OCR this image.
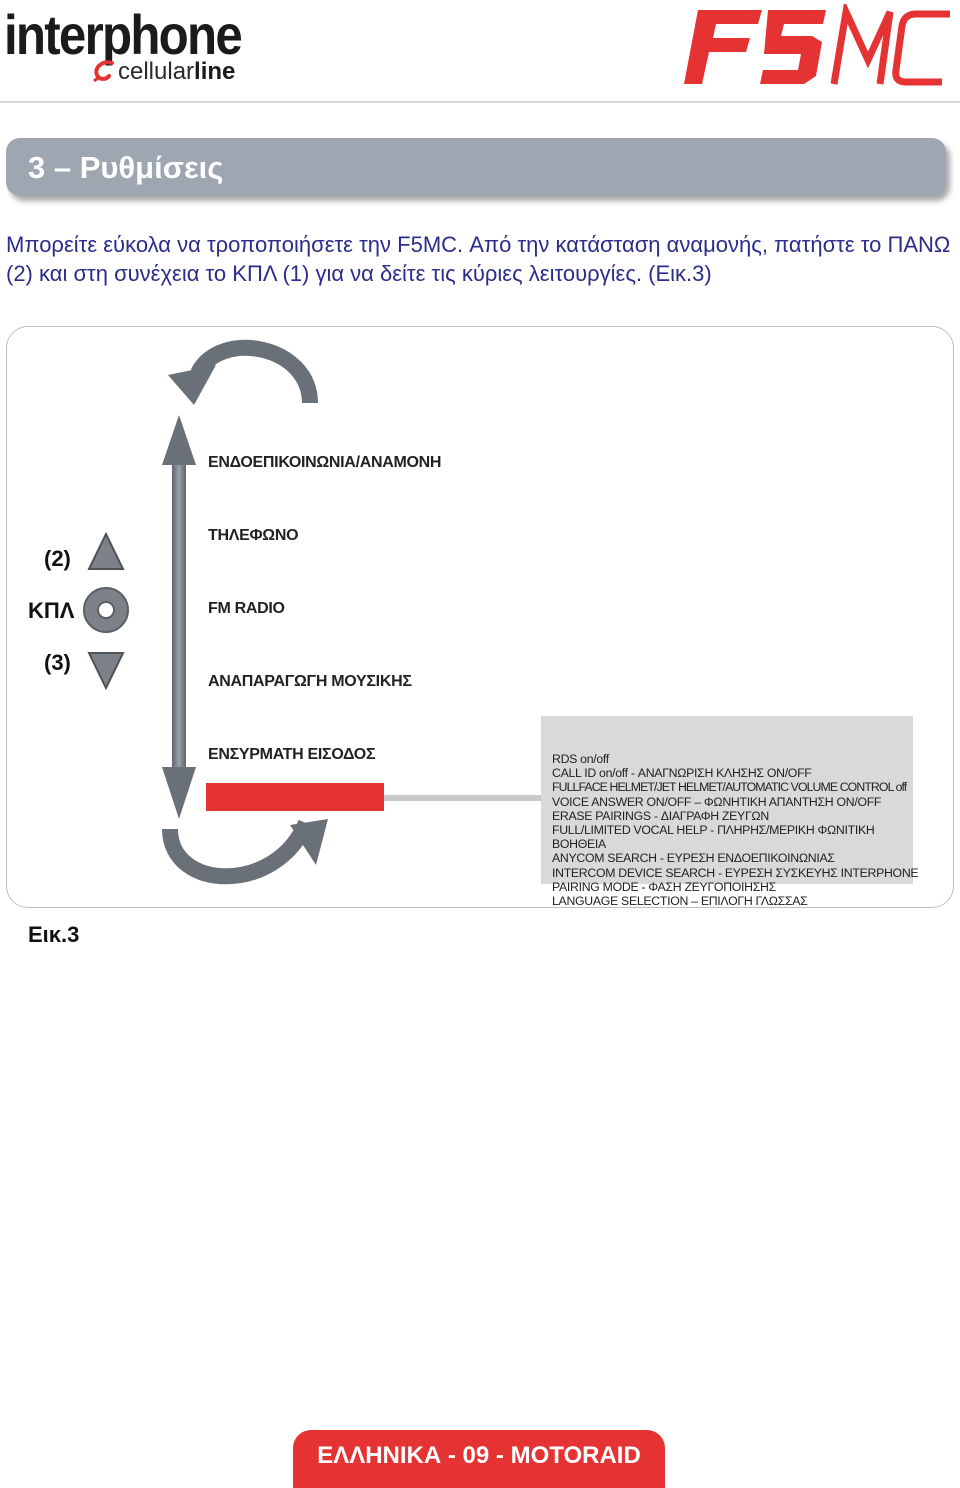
interphone
cellularline
3 – Ρυθμίσεις
Μπορείτε εύκολα να τροποποιήσετε την F5MC. Από την κατάσταση αναμονής, πατήστε το ΠΑΝΩ (2) και στη συνέχεια το ΚΠΛ (1) για να δείτε τις κύριες λειτουργίες. (Εικ.3)
ΕΝΔΟΕΠΙΚΟΙΝΩΝΙΑ/ΑΝΑΜΟΝΗ
ΤΗΛΕΦΩΝΟ
FM RADIO
ΑΝΑΠΑΡΑΓΩΓΗ ΜΟΥΣΙΚΗΣ
ΕΝΣΥΡΜΑΤΗ ΕΙΣΟΔΟΣ	RDS on/off
CALL ID on/off - ΑΝΑΓΝΩΡΙΣΗ ΚΛΗΣΗΣ ON/OFF
FULLFACE HELMET/JET HELMET/AUTOMATIC VOLUME CONTROL off
VOICE ANSWER ON/OFF – ΦΩΝΗΤΙΚΗ ΑΠΑΝΤΗΣΗ ON/OFF
ERASE PAIRINGS - ΔΙΑΓΡΑΦΗ ΖΕΥΓΩΝ
FULL/LIMITED VOCAL HELP - ΠΛΗΡΗΣ/ΜΕΡΙΚΗ ΦΩΝΙΤΙΚΗ
ΒΟΗΘΕΙΑ
ANYCOM SEARCH - ΕΥΡΕΣΗ ΕΝΔΟΕΠΙΚΟΙΝΩΝΙΑΣ
INTERCOM DEVICE SEARCH - ΕΥΡΕΣΗ ΣΥΣΚΕΥΗΣ INTERPHONE
PAIRING MODE - ΦΑΣΗ ΖΕΥΓΟΠΟΙΗΣΗΣ
LANGUAGE SELECTION – ΕΠΙΛΟΓΗ ΓΛΩΣΣΑΣ
(2)
ΚΠΛ
(3)
Εικ.3
ΕΛΛΗΝΙΚΑ - 09 - MOTORAID
